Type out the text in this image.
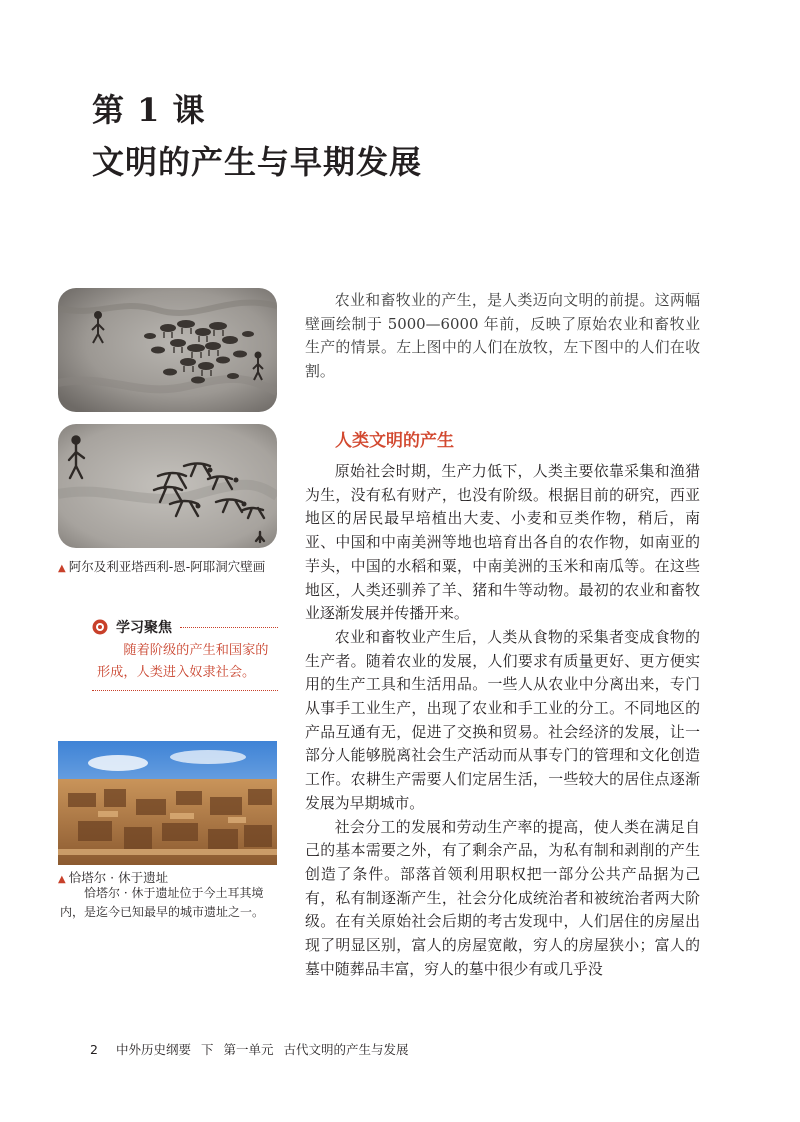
第 1 课
文明的产生与早期发展
▲ 阿尔及利亚塔西利-恩-阿耶洞穴壁画
学习聚焦
随着阶级的产生和国家的形成，人类进入奴隶社会。
▲ 恰塔尔 · 休于遗址
恰塔尔 · 休于遗址位于今土耳其境内，是迄今已知最早的城市遗址之一。

农业和畜牧业的产生，是人类迈向文明的前提。这两幅壁画绘制于 5000—6000 年前，反映了原始农业和畜牧业生产的情景。左上图中的人们在放牧，左下图中的人们在收割。

人类文明的产生

原始社会时期，生产力低下，人类主要依靠采集和渔猎为生，没有私有财产，也没有阶级。根据目前的研究，西亚地区的居民最早培植出大麦、小麦和豆类作物，稍后，南亚、中国和中南美洲等地也培育出各自的农作物，如南亚的芋头，中国的水稻和粟，中南美洲的玉米和南瓜等。在这些地区，人类还驯养了羊、猪和牛等动物。最初的农业和畜牧业逐渐发展并传播开来。

农业和畜牧业产生后，人类从食物的采集者变成食物的生产者。随着农业的发展，人们要求有质量更好、更方便实用的生产工具和生活用品。一些人从农业中分离出来，专门从事手工业生产，出现了农业和手工业的分工。不同地区的产品互通有无，促进了交换和贸易。社会经济的发展，让一部分人能够脱离社会生产活动而从事专门的管理和文化创造工作。农耕生产需要人们定居生活，一些较大的居住点逐渐发展为早期城市。

社会分工的发展和劳动生产率的提高，使人类在满足自己的基本需要之外，有了剩余产品，为私有制和剥削的产生创造了条件。部落首领利用职权把一部分公共产品据为己有，私有制逐渐产生，社会分化成统治者和被统治者两大阶级。在有关原始社会后期的考古发现中，人们居住的房屋出现了明显区别，富人的房屋宽敞，穷人的房屋狭小；富人的墓中随葬品丰富，穷人的墓中很少有或几乎没

2 中外历史纲要 下 第一单元 古代文明的产生与发展
